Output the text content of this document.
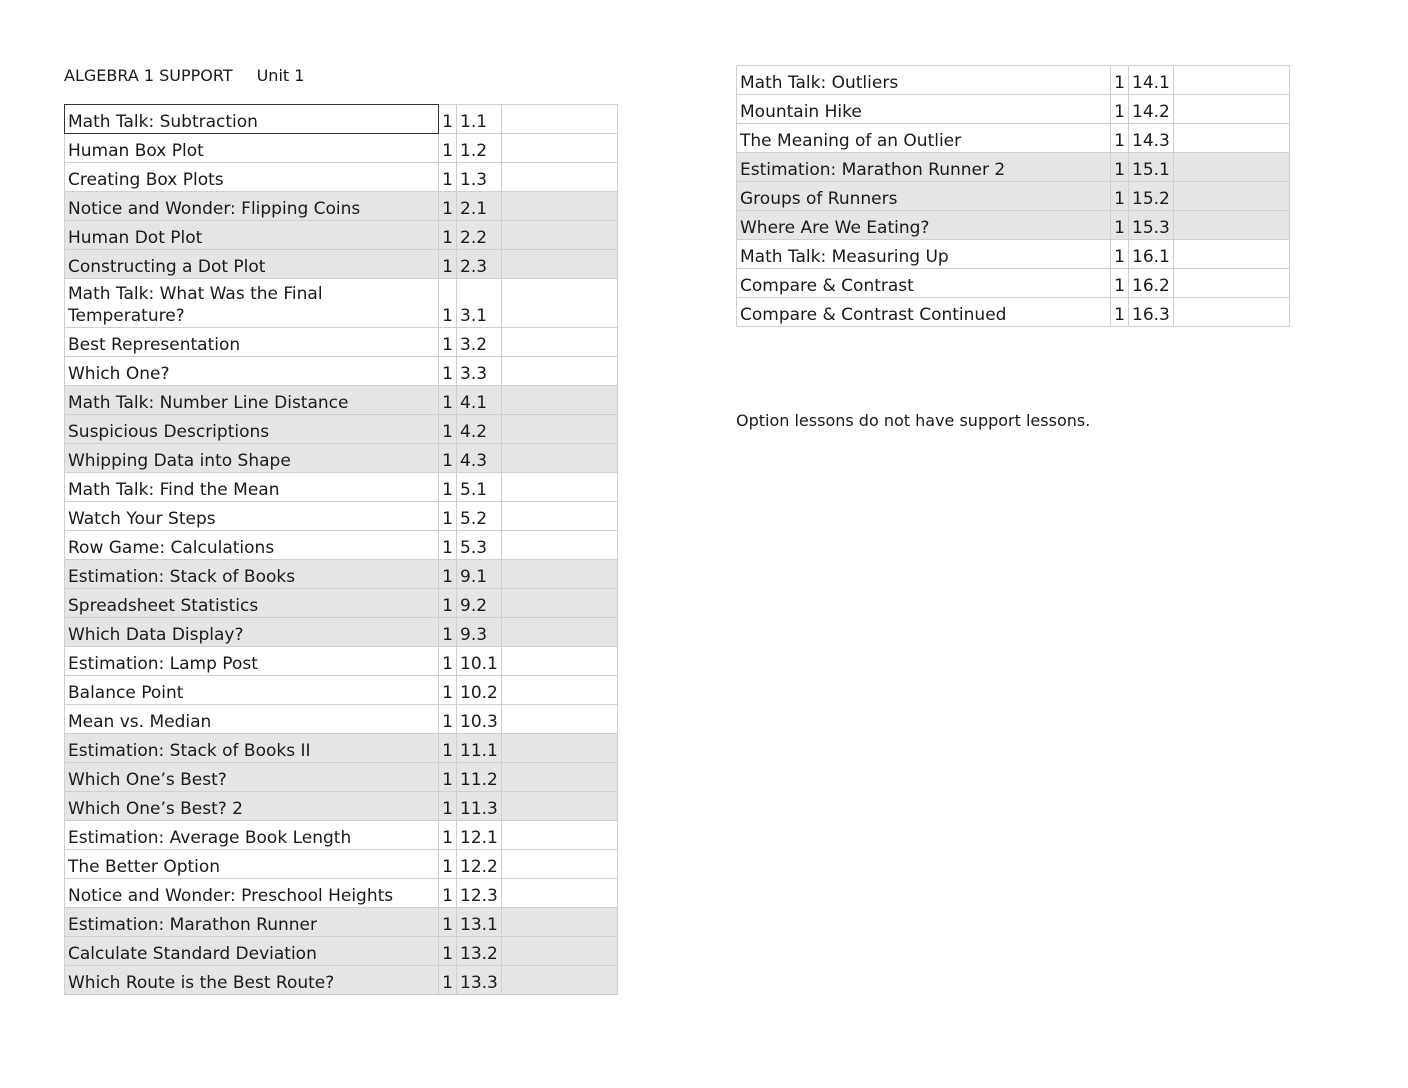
ALGEBRA 1 SUPPORT Unit 1
Math Talk: Subtraction	1	1.1	
Human Box Plot	1	1.2	
Creating Box Plots	1	1.3	
Notice and Wonder: Flipping Coins	1	2.1	
Human Dot Plot	1	2.2	
Constructing a Dot Plot	1	2.3	
Math Talk: What Was the Final Temperature?	1	3.1	
Best Representation	1	3.2	
Which One?	1	3.3	
Math Talk: Number Line Distance	1	4.1	
Suspicious Descriptions	1	4.2	
Whipping Data into Shape	1	4.3	
Math Talk: Find the Mean	1	5.1	
Watch Your Steps	1	5.2	
Row Game: Calculations	1	5.3	
Estimation: Stack of Books	1	9.1	
Spreadsheet Statistics	1	9.2	
Which Data Display?	1	9.3	
Estimation: Lamp Post	1	10.1	
Balance Point	1	10.2	
Mean vs. Median	1	10.3	
Estimation: Stack of Books II	1	11.1	
Which One’s Best?	1	11.2	
Which One’s Best? 2	1	11.3	
Estimation: Average Book Length	1	12.1	
The Better Option	1	12.2	
Notice and Wonder: Preschool Heights	1	12.3	
Estimation: Marathon Runner	1	13.1	
Calculate Standard Deviation	1	13.2	
Which Route is the Best Route?	1	13.3	
Math Talk: Outliers	1	14.1	
Mountain Hike	1	14.2	
The Meaning of an Outlier	1	14.3	
Estimation: Marathon Runner 2	1	15.1	
Groups of Runners	1	15.2	
Where Are We Eating?	1	15.3	
Math Talk: Measuring Up	1	16.1	
Compare & Contrast	1	16.2	
Compare & Contrast Continued	1	16.3	
Option lessons do not have support lessons.
